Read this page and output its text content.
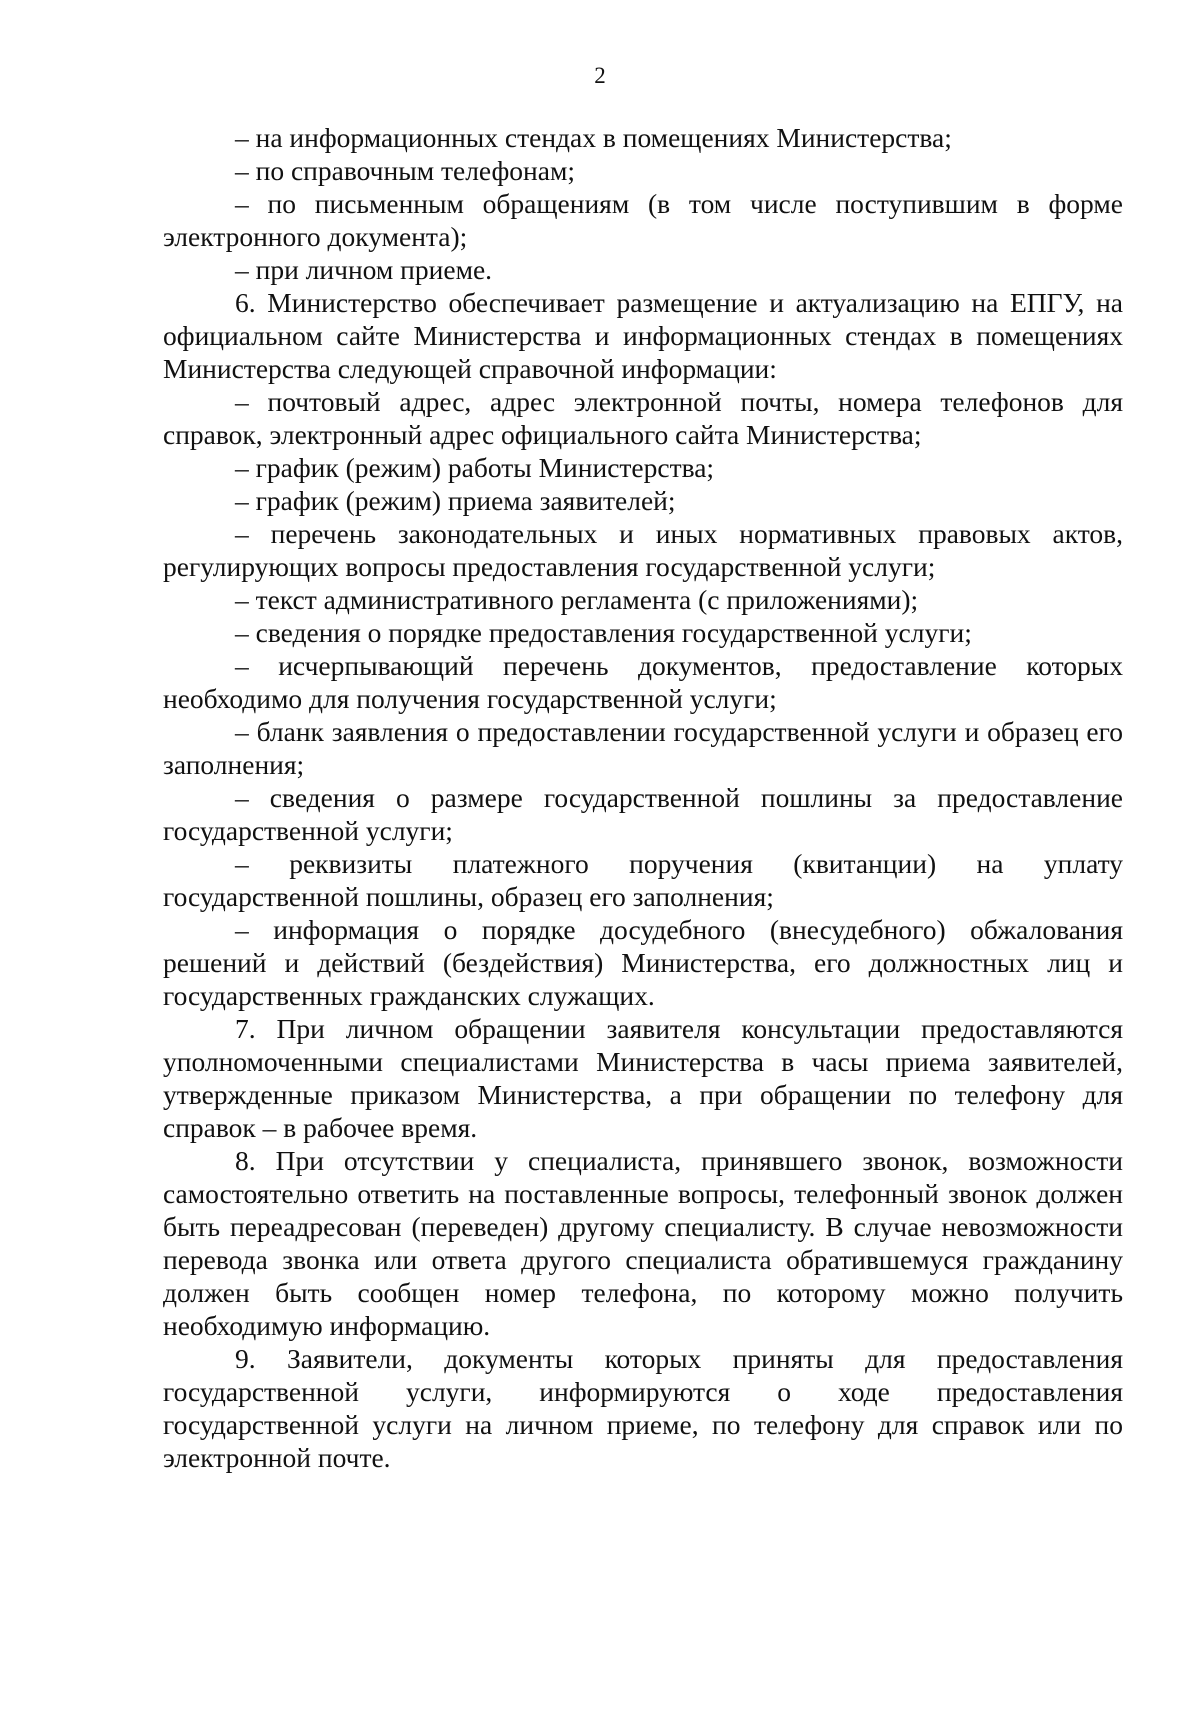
2

– на информационных стендах в помещениях Министерства;

– по справочным телефонам;

– по письменным обращениям (в том числе поступившим в форме электронного документа);

– при личном приеме.

6. Министерство обеспечивает размещение и актуализацию на ЕПГУ, на официальном сайте Министерства и информационных стендах в помещениях Министерства следующей справочной информации:

– почтовый адрес, адрес электронной почты, номера телефонов для справок, электронный адрес официального сайта Министерства;

– график (режим) работы Министерства;

– график (режим) приема заявителей;

– перечень законодательных и иных нормативных правовых актов, регулирующих вопросы предоставления государственной услуги;

– текст административного регламента (с приложениями);

– сведения о порядке предоставления государственной услуги;

– исчерпывающий перечень документов, предоставление которых необходимо для получения государственной услуги;

– бланк заявления о предоставлении государственной услуги и образец его заполнения;

– сведения о размере государственной пошлины за предоставление государственной услуги;

– реквизиты платежного поручения (квитанции) на уплату государственной пошлины, образец его заполнения;

– информация о порядке досудебного (внесудебного) обжалования решений и действий (бездействия) Министерства, его должностных лиц и государственных гражданских служащих.

7. При личном обращении заявителя консультации предоставляются уполномоченными специалистами Министерства в часы приема заявителей, утвержденные приказом Министерства, а при обращении по телефону для справок – в рабочее время.

8. При отсутствии у специалиста, принявшего звонок, возможности самостоятельно ответить на поставленные вопросы, телефонный звонок должен быть переадресован (переведен) другому специалисту. В случае невозможности перевода звонка или ответа другого специалиста обратившемуся гражданину должен быть сообщен номер телефона, по которому можно получить необходимую информацию.

9. Заявители, документы которых приняты для предоставления государственной услуги, информируются о ходе предоставления государственной услуги на личном приеме, по телефону для справок или по электронной почте.
